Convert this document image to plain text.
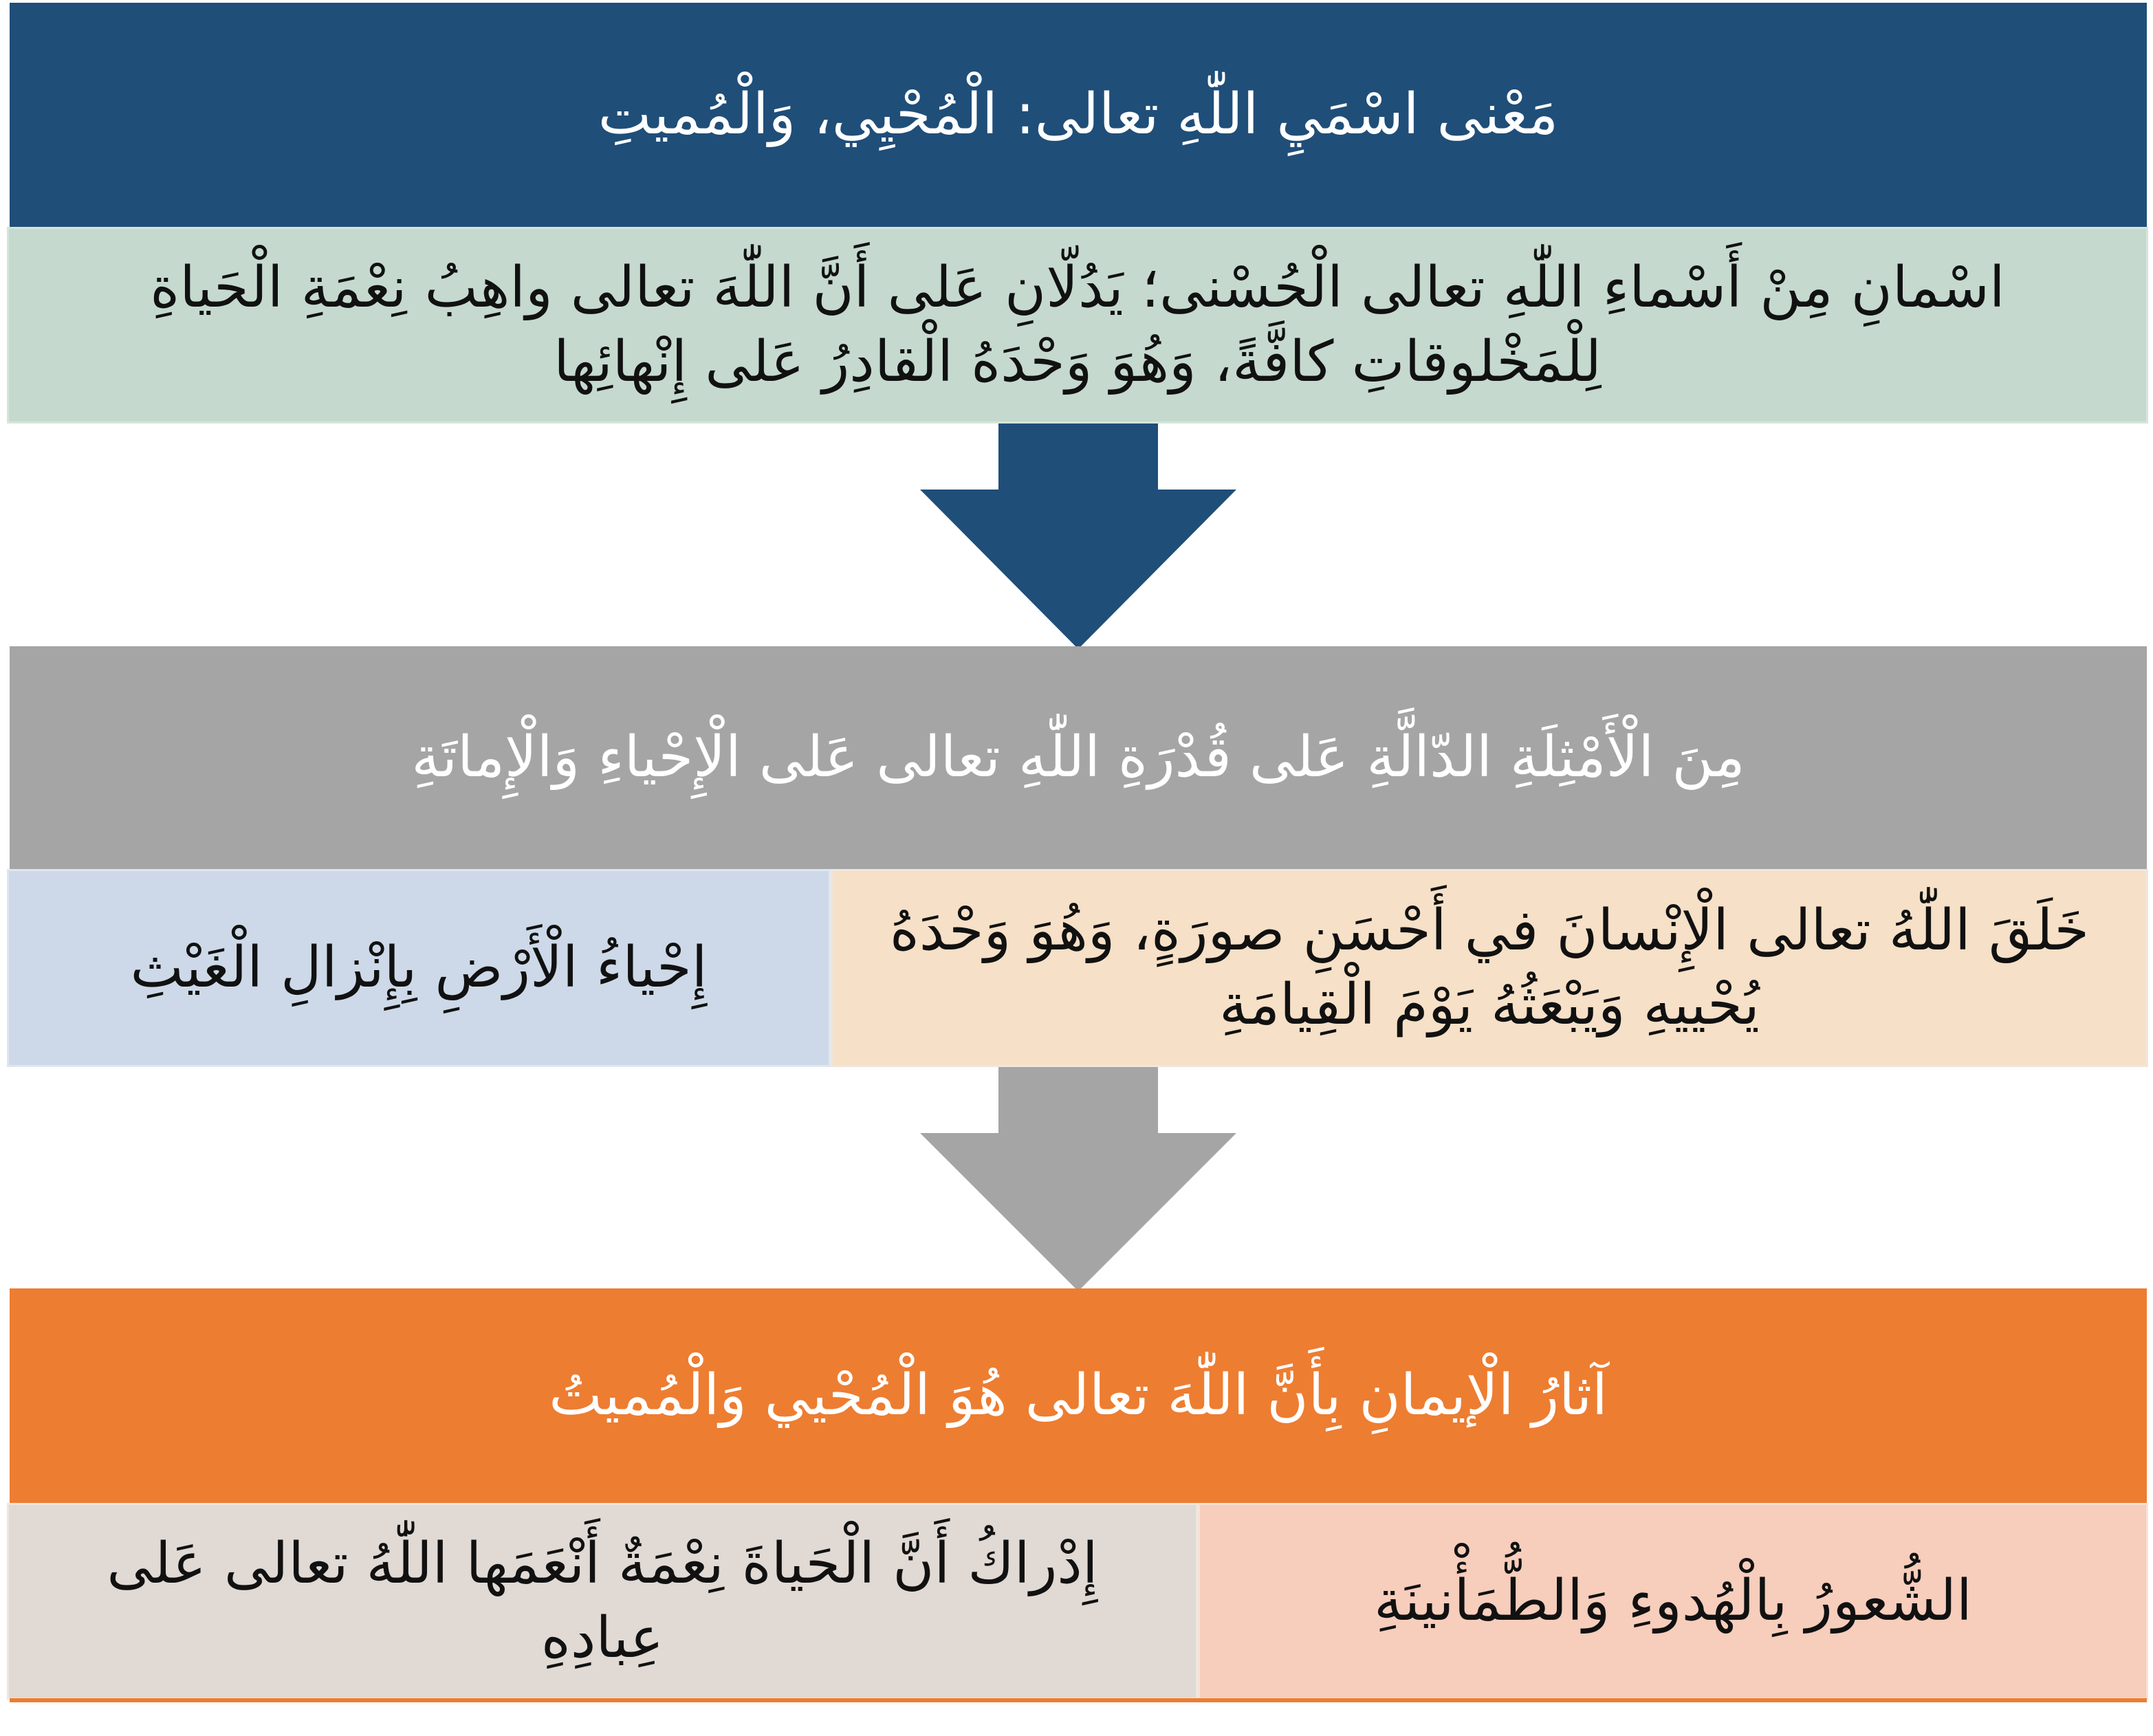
مَعْنى اسْمَيِ اللّٰهِ تعالى: الْمُحْيِي، وَالْمُميتِ
اسْمانِ مِنْ أَسْماءِ اللّٰهِ تعالى الْحُسْنى؛ يَدُلّانِ عَلى أَنَّ اللّٰهَ تعالى واهِبُ نِعْمَةِ الْحَياةِ لِلْمَخْلوقاتِ كافَّةً، وَهُوَ وَحْدَهُ الْقادِرُ عَلى إِنْهائِها
مِنَ الْأَمْثِلَةِ الدّالَّةِ عَلى قُدْرَةِ اللّٰهِ تعالى عَلى الْإِحْياءِ وَالْإِماتَةِ
خَلَقَ اللّٰهُ تعالى الْإِنْسانَ في أَحْسَنِ صورَةٍ، وَهُوَ وَحْدَهُ يُحْييهِ وَيَبْعَثُهُ يَوْمَ الْقِيامَةِ
إِحْياءُ الْأَرْضِ بِإِنْزالِ الْغَيْثِ
آثارُ الْإيمانِ بِأَنَّ اللّٰهَ تعالى هُوَ الْمُحْيي وَالْمُميتُ
الشُّعورُ بِالْهُدوءِ وَالطُّمَأْنينَةِ
إِدْراكُ أَنَّ الْحَياةَ نِعْمَةٌ أَنْعَمَها اللّٰهُ تعالى عَلى عِبادِهِ
